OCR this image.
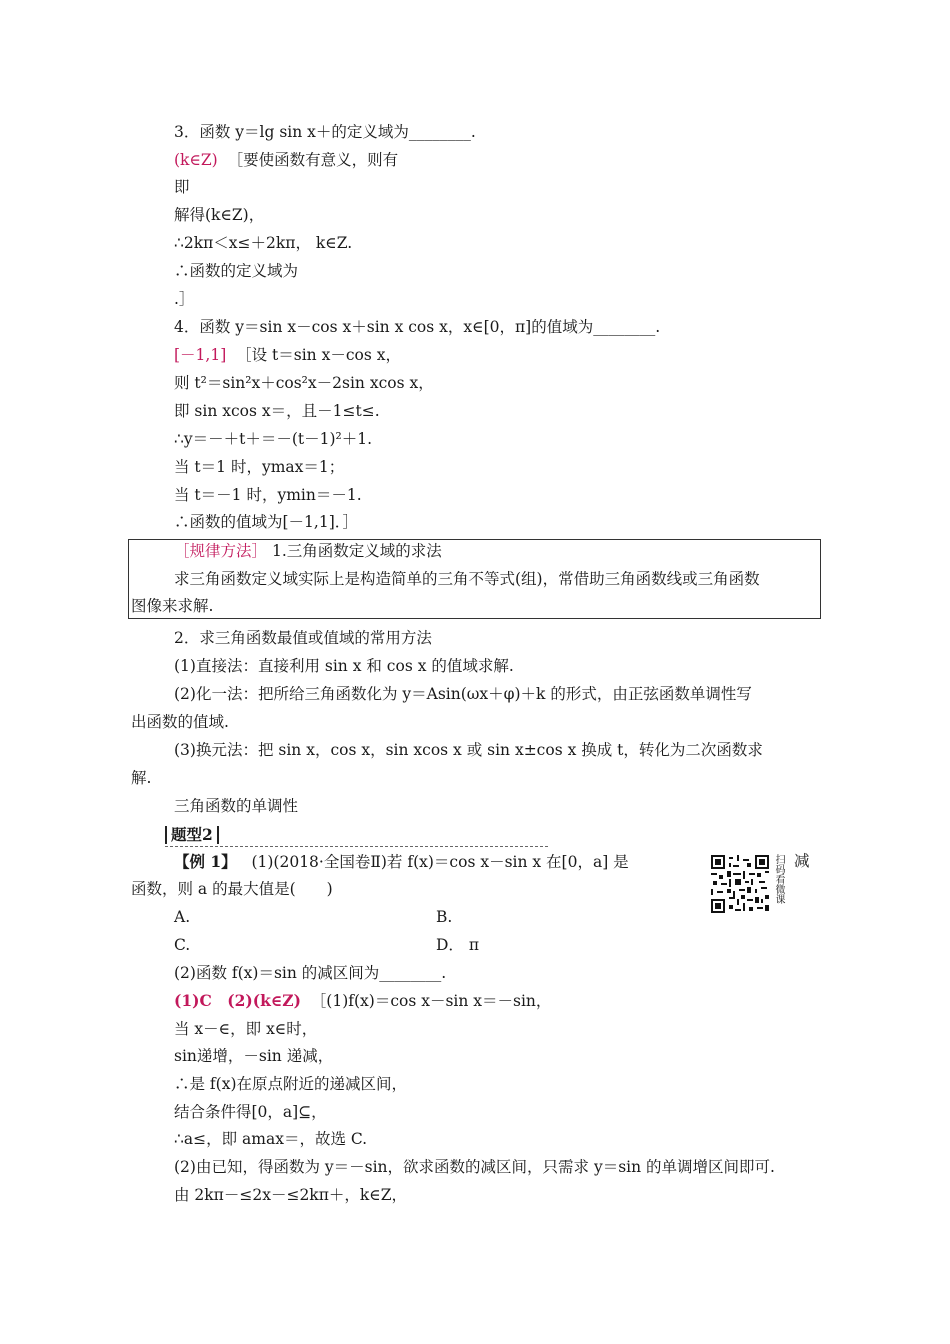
3．函数 y＝lg sin x＋的定义域为________.
(k∈Z) ［要使函数有意义，则有
即
解得(k∈Z)，
∴2kπ＜x≤＋2kπ， k∈Z.
∴函数的定义域为
.］
4．函数 y＝sin x－cos x＋sin x cos x，x∈[0，π]的值域为________.
[－1,1] ［设 t＝sin x－cos x，
则 t²＝sin²x＋cos²x－2sin xcos x，
即 sin xcos x＝，且－1≤t≤.
∴y＝－＋t＋＝－(t－1)²＋1.
当 t＝1 时，ymax＝1；
当 t＝－1 时，ymin＝－1.
∴函数的值域为[－1,1]．］
［规律方法］ 1.三角函数定义域的求法
求三角函数定义域实际上是构造简单的三角不等式(组)，常借助三角函数线或三角函数
图像来求解.
2．求三角函数最值或值域的常用方法
(1)直接法：直接利用 sin x 和 cos x 的值域求解.
(2)化一法：把所给三角函数化为 y＝Asin(ωx＋φ)＋k 的形式，由正弦函数单调性写
出函数的值域.
(3)换元法：把 sin x，cos x，sin xcos x 或 sin x±cos x 换成 t，转化为二次函数求
解.
三角函数的单调性
题型2
【例 1】 (1)(2018·全国卷Ⅱ)若 f(x)＝cos x－sin x 在[0，a] 是	减
函数，则 a 的最大值是(　　)
A.	B.
C.	D． π
(2)函数 f(x)＝sin 的减区间为________.
(1)C　(2)(k∈Z) ［(1)f(x)＝cos x－sin x＝－sin，
当 x－∈，即 x∈时，
sin递增，－sin 递减，
∴是 f(x)在原点附近的递减区间，
结合条件得[0，a]⊆，
∴a≤，即 amax＝，故选 C.
(2)由已知，得函数为 y＝－sin，欲求函数的减区间，只需求 y＝sin 的单调增区间即可.
由 2kπ－≤2x－≤2kπ＋，k∈Z，
扫码看微课
